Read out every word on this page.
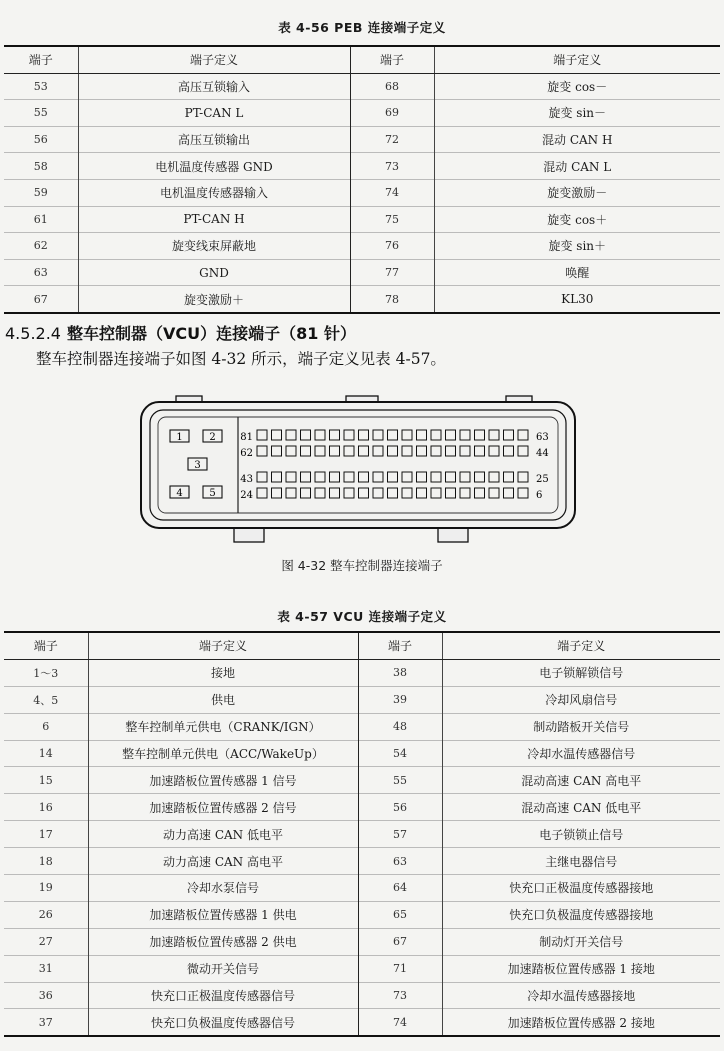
表 4-56 PEB 连接端子定义
端子	端子定义	端子	端子定义
53	高压互锁输入	68	旋变 cos－
55	PT-CAN L	69	旋变 sin－
56	高压互锁输出	72	混动 CAN H
58	电机温度传感器 GND	73	混动 CAN L
59	电机温度传感器输入	74	旋变激励－
61	PT-CAN H	75	旋变 cos＋
62	旋变线束屏蔽地	76	旋变 sin＋
63	GND	77	唤醒
67	旋变激励＋	78	KL30
4.5.2.4 整车控制器（VCU）连接端子（81 针）
整车控制器连接端子如图 4-32 所示，端子定义见表 4-57。
1	2
3
4	5
81	63
62	44
43	25
24	6
图 4-32 整车控制器连接端子
表 4-57 VCU 连接端子定义
端子	端子定义	端子	端子定义
1～3	接地	38	电子锁解锁信号
4、5	供电	39	冷却风扇信号
6	整车控制单元供电（CRANK/IGN）	48	制动踏板开关信号
14	整车控制单元供电（ACC/WakeUp）	54	冷却水温传感器信号
15	加速踏板位置传感器 1 信号	55	混动高速 CAN 高电平
16	加速踏板位置传感器 2 信号	56	混动高速 CAN 低电平
17	动力高速 CAN 低电平	57	电子锁锁止信号
18	动力高速 CAN 高电平	63	主继电器信号
19	冷却水泵信号	64	快充口正极温度传感器接地
26	加速踏板位置传感器 1 供电	65	快充口负极温度传感器接地
27	加速踏板位置传感器 2 供电	67	制动灯开关信号
31	微动开关信号	71	加速踏板位置传感器 1 接地
36	快充口正极温度传感器信号	73	冷却水温传感器接地
37	快充口负极温度传感器信号	74	加速踏板位置传感器 2 接地
